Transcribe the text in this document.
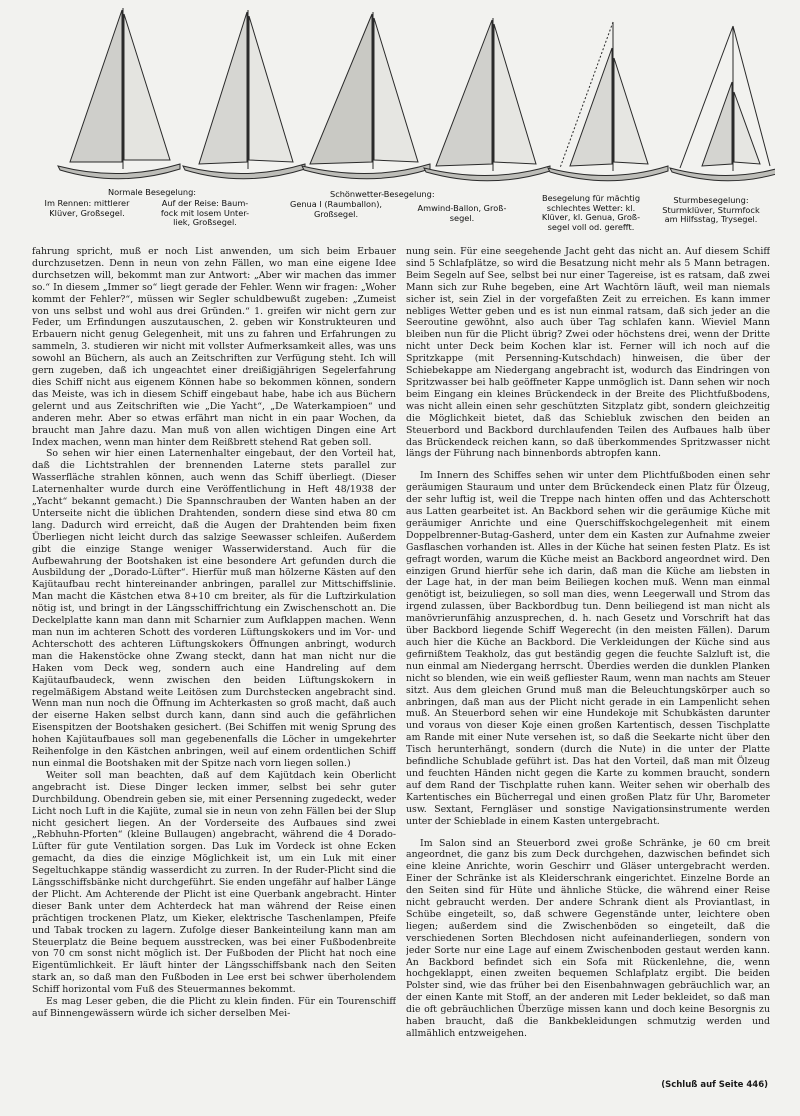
Normale Besegelung:
Im Rennen: mittlerer
Klüver, Großsegel.
Auf der Reise: Baum-
fock mit losem Unter-
liek, Großsegel.
Schönwetter-Besegelung:
Genua I (Raumballon),
Großsegel.
Amwind-Ballon, Groß-
segel.
Besegelung für mächtig
schlechtes Wetter: kl.
Klüver, kl. Genua, Groß-
segel voll od. gerefft.
Sturmbesegelung:
Sturmklüver, Sturmfock
am Hilfsstag, Trysegel.

fahrung spricht, muß er noch List anwenden, um sich beim Erbauer durchzusetzen. Denn in neun von zehn Fällen, wo man eine eigene Idee durchsetzen will, bekommt man zur Antwort: „Aber wir machen das immer so.“ In diesem „Immer so“ liegt gerade der Fehler. Wenn wir fragen: „Woher kommt der Fehler?“, müssen wir Segler schuldbewußt zugeben: „Zumeist von uns selbst und wohl aus drei Gründen.“ 1. greifen wir nicht gern zur Feder, um Erfindungen auszutauschen, 2. geben wir Konstrukteuren und Erbauern nicht genug Gelegenheit, mit uns zu fahren und Erfahrungen zu sammeln, 3. studieren wir nicht mit vollster Aufmerksamkeit alles, was uns sowohl an Büchern, als auch an Zeitschriften zur Verfügung steht. Ich will gern zugeben, daß ich ungeachtet einer dreißigjährigen Segelerfahrung dies Schiff nicht aus eigenem Können habe so bekommen können, sondern das Meiste, was ich in diesem Schiff eingebaut habe, habe ich aus Büchern gelernt und aus Zeitschriften wie „Die Yacht“, „De Waterkampioen“ und anderen mehr. Aber so etwas erfährt man nicht in ein paar Wochen, da braucht man Jahre dazu. Man muß von allen wichtigen Dingen eine Art Index machen, wenn man hinter dem Reißbrett stehend Rat geben soll.

So sehen wir hier einen Laternenhalter eingebaut, der den Vorteil hat, daß die Lichtstrahlen der brennenden Laterne stets parallel zur Wasserfläche strahlen können, auch wenn das Schiff überliegt. (Dieser Laternenhalter wurde durch eine Veröffentlichung in Heft 48/1938 der „Yacht“ bekannt gemacht.) Die Spannschrauben der Wanten haben an der Unterseite nicht die üblichen Drahtenden, sondern diese sind etwa 80 cm lang. Dadurch wird erreicht, daß die Augen der Drahtenden beim fixen Überliegen nicht leicht durch das salzige Seewasser schleifen. Außerdem gibt die einzige Stange weniger Wasserwiderstand. Auch für die Aufbewahrung der Bootshaken ist eine besondere Art gefunden durch die Ausbildung der „Dorado-Lüfter“. Hierfür muß man hölzerne Kästen auf den Kajütaufbau recht hintereinander anbringen, parallel zur Mittschiffslinie. Man macht die Kästchen etwa 8+10 cm breiter, als für die Luftzirkulation nötig ist, und bringt in der Längsschiffrichtung ein Zwischenschott an. Die Deckelplatte kann man dann mit Scharnier zum Aufklappen machen. Wenn man nun im achteren Schott des vorderen Lüftungskokers und im Vor- und Achterschott des achteren Lüftungskokers Öffnungen anbringt, wodurch man die Hakenstöcke ohne Zwang steckt, dann hat man nicht nur die Haken vom Deck weg, sondern auch eine Handreling auf dem Kajütaufbaudeck, wenn zwischen den beiden Lüftungskokern in regelmäßigem Abstand weite Leitösen zum Durchstecken angebracht sind. Wenn man nun noch die Öffnung im Achterkasten so groß macht, daß auch der eiserne Haken selbst durch kann, dann sind auch die gefährlichen Eisenspitzen der Bootshaken gesichert. (Bei Schiffen mit wenig Sprung des hohen Kajütaufbaues soll man gegebenenfalls die Löcher in umgekehrter Reihenfolge in den Kästchen anbringen, weil auf einem ordentlichen Schiff nun einmal die Bootshaken mit der Spitze nach vorn liegen sollen.)

Weiter soll man beachten, daß auf dem Kajütdach kein Oberlicht angebracht ist. Diese Dinger lecken immer, selbst bei sehr guter Durchbildung. Obendrein geben sie, mit einer Persenning zugedeckt, weder Licht noch Luft in die Kajüte, zumal sie in neun von zehn Fällen bei der Slup nicht gesichert liegen. An der Vorderseite des Aufbaues sind zwei „Rebhuhn-Pforten“ (kleine Bullaugen) angebracht, während die 4 Dorado-Lüfter für gute Ventilation sorgen. Das Luk im Vordeck ist ohne Ecken gemacht, da dies die einzige Möglichkeit ist, um ein Luk mit einer Segeltuchkappe ständig wasserdicht zu zurren. In der Ruder-Plicht sind die Längsschiffsbänke nicht durchgeführt. Sie enden ungefähr auf halber Länge der Plicht. Am Achterende der Plicht ist eine Querbank angebracht. Hinter dieser Bank unter dem Achterdeck hat man während der Reise einen prächtigen trockenen Platz, um Kieker, elektrische Taschenlampen, Pfeife und Tabak trocken zu lagern. Zufolge dieser Bankeinteilung kann man am Steuerplatz die Beine bequem ausstrecken, was bei einer Fußbodenbreite von 70 cm sonst nicht möglich ist. Der Fußboden der Plicht hat noch eine Eigentümlichkeit. Er läuft hinter der Längsschiffsbank nach den Seiten stark an, so daß man den Fußboden in Lee erst bei schwer überholendem Schiff horizontal vom Fuß des Steuermannes bekommt.

Es mag Leser geben, die die Plicht zu klein finden. Für ein Tourenschiff auf Binnengewässern würde ich sicher derselben Mei-

nung sein. Für eine seegehende Jacht geht das nicht an. Auf diesem Schiff sind 5 Schlafplätze, so wird die Besatzung nicht mehr als 5 Mann betragen. Beim Segeln auf See, selbst bei nur einer Tagereise, ist es ratsam, daß zwei Mann sich zur Ruhe begeben, eine Art Wachtörn läuft, weil man niemals sicher ist, sein Ziel in der vorgefaßten Zeit zu erreichen. Es kann immer nebliges Wetter geben und es ist nun einmal ratsam, daß sich jeder an die Seeroutine gewöhnt, also auch über Tag schlafen kann. Wieviel Mann bleiben nun für die Plicht übrig? Zwei oder höchstens drei, wenn der Dritte nicht unter Deck beim Kochen klar ist. Ferner will ich noch auf die Spritzkappe (mit Persenning-Kutschdach) hinweisen, die über der Schiebekappe am Niedergang angebracht ist, wodurch das Eindringen von Spritzwasser bei halb geöffneter Kappe unmöglich ist. Dann sehen wir noch beim Eingang ein kleines Brückendeck in der Breite des Plichtfußbodens, was nicht allein einen sehr geschützten Sitzplatz gibt, sondern gleichzeitig die Möglichkeit bietet, daß das Schiebluk zwischen den beiden an Steuerbord und Backbord durchlaufenden Teilen des Aufbaues halb über das Brückendeck reichen kann, so daß überkommendes Spritzwasser nicht längs der Führung nach binnenbords abtropfen kann.

Im Innern des Schiffes sehen wir unter dem Plichtfußboden einen sehr geräumigen Stauraum und unter dem Brückendeck einen Platz für Ölzeug, der sehr luftig ist, weil die Treppe nach hinten offen und das Achterschott aus Latten gearbeitet ist. An Backbord sehen wir die geräumige Küche mit geräumiger Anrichte und eine Querschiffskochgelegenheit mit einem Doppelbrenner-Butag-Gasherd, unter dem ein Kasten zur Aufnahme zweier Gasflaschen vorhanden ist. Alles in der Küche hat seinen festen Platz. Es ist gefragt worden, warum die Küche meist an Backbord angeordnet wird. Den einzigen Grund hierfür sehe ich darin, daß man die Küche am liebsten in der Lage hat, in der man beim Beiliegen kochen muß. Wenn man einmal genötigt ist, beizuliegen, so soll man dies, wenn Leegerwall und Strom das irgend zulassen, über Backbordbug tun. Denn beiliegend ist man nicht als manövrierunfähig anzusprechen, d. h. nach Gesetz und Vorschrift hat das über Backbord liegende Schiff Wegerecht (in den meisten Fällen). Darum auch hier die Küche an Backbord. Die Verkleidungen der Küche sind aus gefirnißtem Teakholz, das gut beständig gegen die feuchte Salzluft ist, die nun einmal am Niedergang herrscht. Überdies werden die dunklen Planken nicht so blenden, wie ein weiß gefliester Raum, wenn man nachts am Steuer sitzt. Aus dem gleichen Grund muß man die Beleuchtungskörper auch so anbringen, daß man aus der Plicht nicht gerade in ein Lampenlicht sehen muß. An Steuerbord sehen wir eine Hundekoje mit Schubkästen darunter und voraus von dieser Koje einen großen Kartentisch, dessen Tischplatte am Rande mit einer Nute versehen ist, so daß die Seekarte nicht über den Tisch herunterhängt, sondern (durch die Nute) in die unter der Platte befindliche Schublade geführt ist. Das hat den Vorteil, daß man mit Ölzeug und feuchten Händen nicht gegen die Karte zu kommen braucht, sondern auf dem Rand der Tischplatte ruhen kann. Weiter sehen wir oberhalb des Kartentisches ein Bücherregal und einen großen Platz für Uhr, Barometer usw. Sextant, Ferngläser und sonstige Navigationsinstrumente werden unter der Schieblade in einem Kasten untergebracht.

Im Salon sind an Steuerbord zwei große Schränke, je 60 cm breit angeordnet, die ganz bis zum Deck durchgehen, dazwischen befindet sich eine kleine Anrichte, worin Geschirr und Gläser untergebracht werden. Einer der Schränke ist als Kleiderschrank eingerichtet. Einzelne Borde an den Seiten sind für Hüte und ähnliche Stücke, die während einer Reise nicht gebraucht werden. Der andere Schrank dient als Proviantlast, in Schübe eingeteilt, so, daß schwere Gegenstände unter, leichtere oben liegen; außerdem sind die Zwischenböden so eingeteilt, daß die verschiedenen Sorten Blechdosen nicht aufeinanderliegen, sondern von jeder Sorte nur eine Lage auf einem Zwischenboden gestaut werden kann. An Backbord befindet sich ein Sofa mit Rückenlehne, die, wenn hochgeklappt, einen zweiten bequemen Schlafplatz ergibt. Die beiden Polster sind, wie das früher bei den Eisenbahnwagen gebräuchlich war, an der einen Kante mit Stoff, an der anderen mit Leder bekleidet, so daß man die oft gebräuchlichen Überzüge missen kann und doch keine Besorgnis zu haben braucht, daß die Bankbekleidungen schmutzig werden und allmählich entzweigehen.

(Schluß auf Seite 446)
